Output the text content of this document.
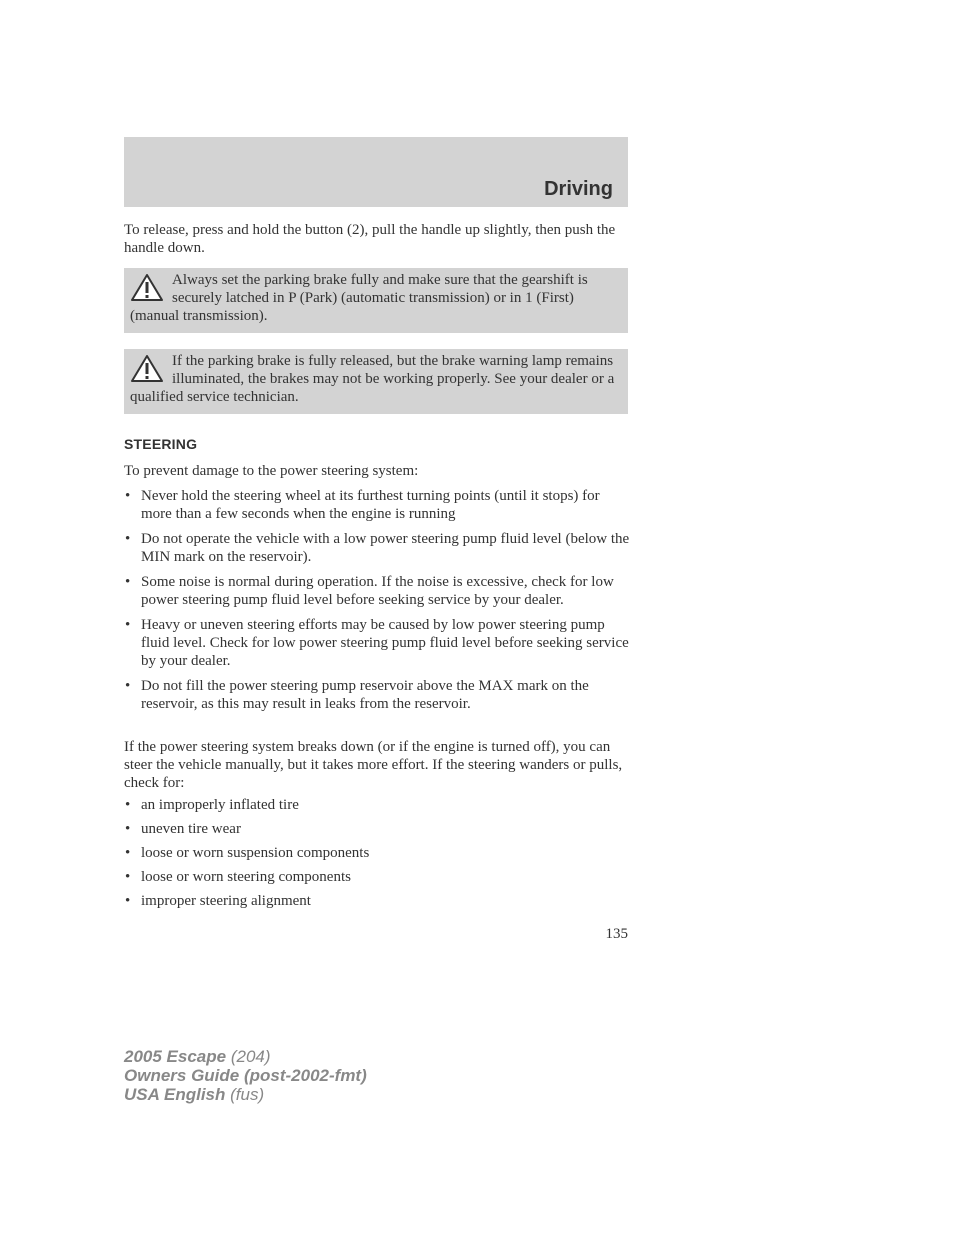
Driving

To release, press and hold the button (2), pull the handle up slightly, then push the handle down.

Always set the parking brake fully and make sure that the gearshift is securely latched in P (Park) (automatic transmission) or in 1 (First) (manual transmission).

If the parking brake is fully released, but the brake warning lamp remains illuminated, the brakes may not be working properly. See your dealer or a qualified service technician.

STEERING

To prevent damage to the power steering system:

• Never hold the steering wheel at its furthest turning points (until it stops) for more than a few seconds when the engine is running
• Do not operate the vehicle with a low power steering pump fluid level (below the MIN mark on the reservoir).
• Some noise is normal during operation. If the noise is excessive, check for low power steering pump fluid level before seeking service by your dealer.
• Heavy or uneven steering efforts may be caused by low power steering pump fluid level. Check for low power steering pump fluid level before seeking service by your dealer.
• Do not fill the power steering pump reservoir above the MAX mark on the reservoir, as this may result in leaks from the reservoir.

If the power steering system breaks down (or if the engine is turned off), you can steer the vehicle manually, but it takes more effort. If the steering wanders or pulls, check for:

• an improperly inflated tire
• uneven tire wear
• loose or worn suspension components
• loose or worn steering components
• improper steering alignment
135
2005 Escape (204)
Owners Guide (post-2002-fmt)
USA English (fus)
